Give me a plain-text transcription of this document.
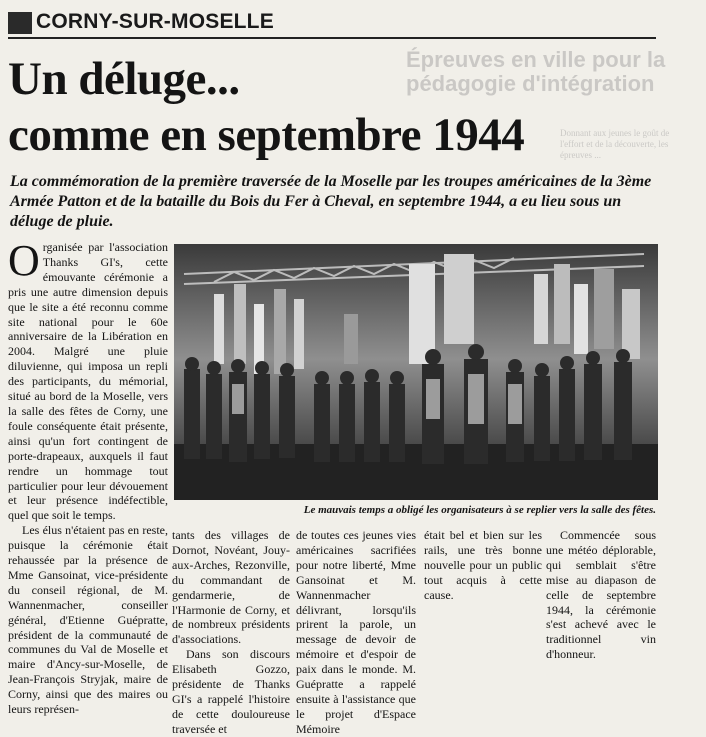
CORNY-SUR-MOSELLE
Épreuves en ville pour la pédagogie d'intégration
Donnant aux jeunes le goût de l'effort et de la découverte, les épreuves ...
Un déluge...
comme en septembre 1944
La commémoration de la première traversée de la Moselle par les troupes américaines de la 3ème Armée Patton et de la bataille du Bois du Fer à Cheval, en septembre 1944, a eu lieu sous un déluge de pluie.
Organisée par l'association Thanks GI's, cette émouvante cérémonie a pris une autre dimension depuis que le site a été reconnu comme site national pour le 60e anniversaire de la Libération en 2004. Malgré une pluie diluvienne, qui imposa un repli des participants, du mémorial, situé au bord de la Moselle, vers la salle des fêtes de Corny, une foule conséquente était présente, ainsi qu'un fort contingent de porte-drapeaux, auxquels il faut rendre un hommage tout particulier pour leur dévouement et leur présence indéfectible, quel que soit le temps.
Les élus n'étaient pas en reste, puisque la cérémonie était rehaussée par la présence de Mme Gansoinat, vice-présidente du conseil régional, de M. Wannenmacher, conseiller général, d'Etienne Guépratte, président de la communauté de communes du Val de Moselle et maire d'Ancy-sur-Moselle, de Jean-François Stryjak, maire de Corny, ainsi que des maires ou leurs représen-
Le mauvais temps a obligé les organisateurs à se replier vers la salle des fêtes.
tants des villages de Dornot, Novéant, Jouy-aux-Arches, Rezonville, du commandant de gendarmerie, de l'Harmonie de Corny, et de nombreux présidents d'associations.
Dans son discours Elisabeth Gozzo, présidente de Thanks GI's a rappelé l'histoire de cette douloureuse traversée et
de toutes ces jeunes vies américaines sacrifiées pour notre liberté, Mme Gansoinat et M. Wannenmacher délivrant, lorsqu'ils prirent la parole, un message de devoir de mémoire et d'espoir de paix dans le monde. M. Guépratte a rappelé ensuite à l'assistance que le projet d'Espace Mémoire
était bel et bien sur les rails, une très bonne nouvelle pour un public tout acquis à cette cause.
Commencée sous une météo déplorable, qui semblait s'être mise au diapason de celle de septembre 1944, la cérémonie s'est achevé avec le traditionnel vin d'honneur.
